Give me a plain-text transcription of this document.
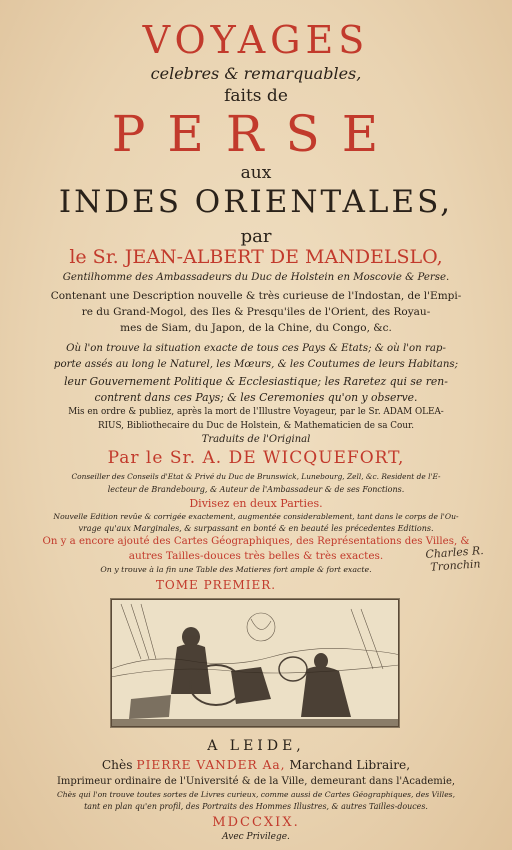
VOYAGES
celebres & remarquables,
faits de
PERSE
aux
INDES ORIENTALES,
par
le Sr. JEAN-ALBERT DE MANDELSLO,
Gentilhomme des Ambassadeurs du Duc de Holstein en Moscovie & Perse.
Contenant une Description nouvelle & très curieuse de l'Indostan, de l'Empi-
re du Grand-Mogol, des Iles & Presqu'iles de l'Orient, des Royau-
mes de Siam, du Japon, de la Chine, du Congo, &c.
Où l'on trouve la situation exacte de tous ces Pays & Etats; & où l'on rap-
porte assés au long le Naturel, les Mœurs, & les Coutumes de leurs Habitans;
leur Gouvernement Politique & Ecclesiastique; les Raretez qui se ren-
contrent dans ces Pays; & les Ceremonies qu'on y observe.
Mis en ordre & publiez, après la mort de l'Illustre Voyageur, par le Sr. ADAM OLEA-
RIUS, Bibliothecaire du Duc de Holstein, & Mathematicien de sa Cour.
Traduits de l'Original
Par le Sr. A. DE WICQUEFORT,
Conseiller des Conseils d'Etat & Privé du Duc de Brunswick, Lunebourg, Zell, &c. Resident de l'E-
lecteur de Brandebourg, & Auteur de l'Ambassadeur & de ses Fonctions.
Divisez en deux Parties.
Nouvelle Edition revûe & corrigée exactement, augmentée considerablement, tant dans le corps de l'Ou-
vrage qu'aux Marginales, & surpassant en bonté & en beauté les précedentes Editions.
On y a encore ajouté des Cartes Géographiques, des Représentations des Villes, &
autres Tailles-douces très belles & très exactes.
On y trouve à la fin une Table des Matieres fort ample & fort exacte.
TOME PREMIER.
Charles R. Tronchin
A LEIDE,
Chès PIERRE VANDER Aa, Marchand Libraire,
Imprimeur ordinaire de l'Université & de la Ville, demeurant dans l'Academie,
Chès qui l'on trouve toutes sortes de Livres curieux, comme aussi de Cartes Géographiques, des Villes,
tant en plan qu'en profil, des Portraits des Hommes Illustres, & autres Tailles-douces.
MDCCXIX.
Avec Privilege.
